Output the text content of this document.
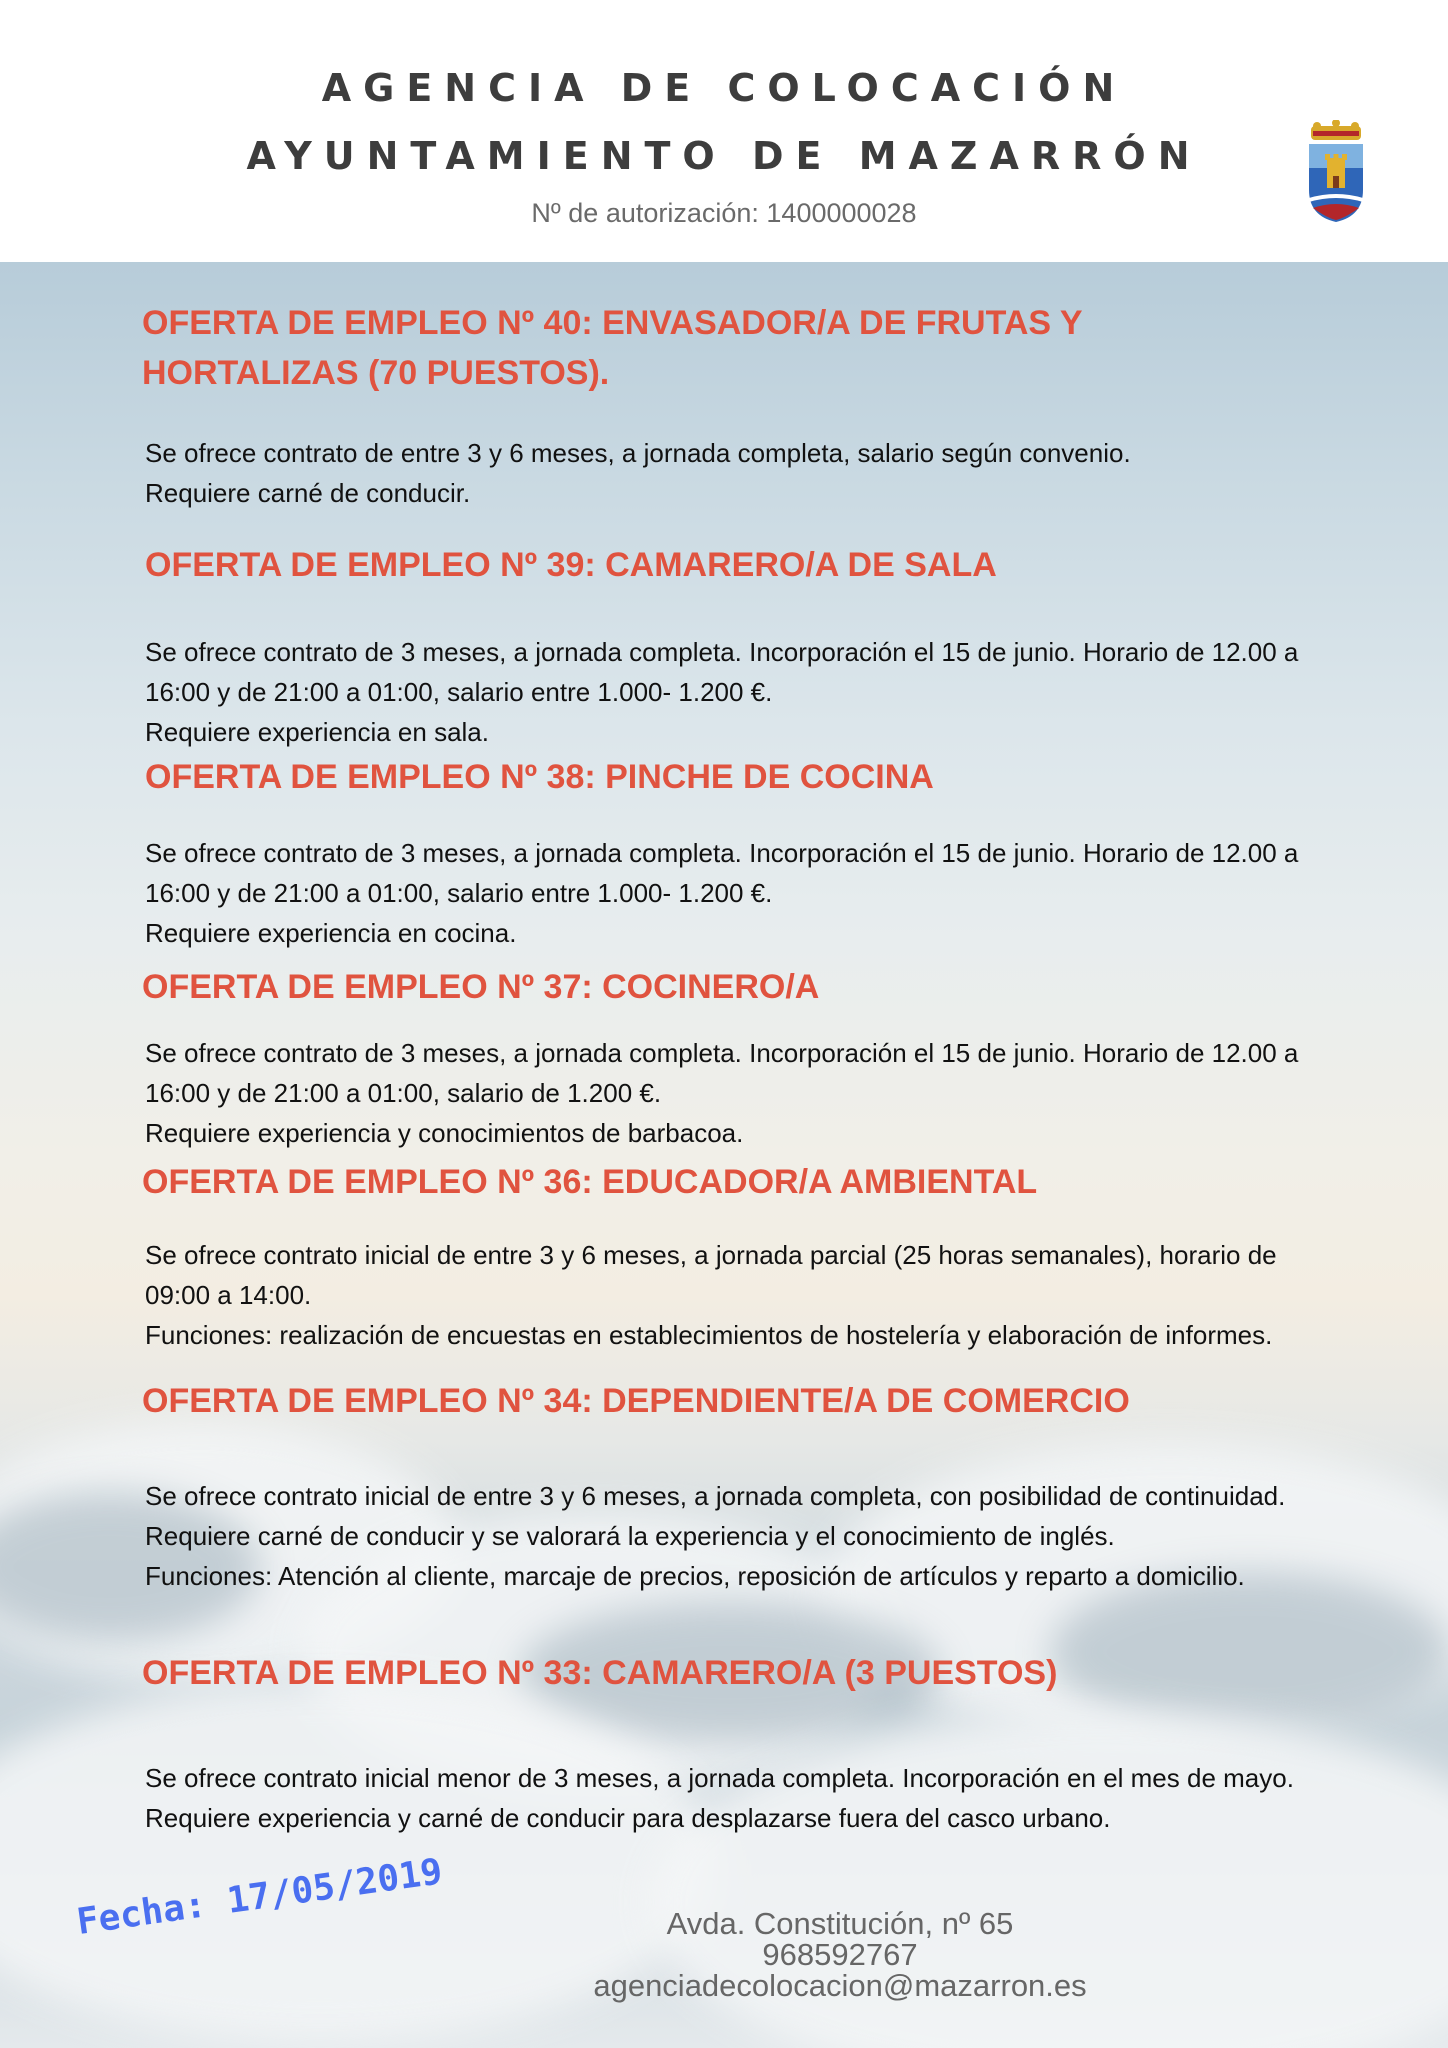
AGENCIA DE COLOCACIÓN
AYUNTAMIENTO DE MAZARRÓN
Nº de autorización: 1400000028
OFERTA DE EMPLEO Nº 40: ENVASADOR/A DE FRUTAS Y HORTALIZAS (70 PUESTOS).

Se ofrece contrato de entre 3 y 6 meses, a jornada completa, salario según convenio.

Requiere carné de conducir.

OFERTA DE EMPLEO Nº 39: CAMARERO/A DE SALA

Se ofrece contrato de 3 meses, a jornada completa. Incorporación el 15 de junio. Horario de 12.00 a 16:00 y de 21:00 a 01:00, salario entre 1.000- 1.200 €.

Requiere experiencia en sala.

OFERTA DE EMPLEO Nº 38: PINCHE DE COCINA

Se ofrece contrato de 3 meses, a jornada completa. Incorporación el 15 de junio. Horario de 12.00 a 16:00 y de 21:00 a 01:00, salario entre 1.000- 1.200 €.

Requiere experiencia en cocina.

OFERTA DE EMPLEO Nº 37: COCINERO/A

Se ofrece contrato de 3 meses, a jornada completa. Incorporación el 15 de junio. Horario de 12.00 a 16:00 y de 21:00 a 01:00, salario de 1.200 €.

Requiere experiencia y conocimientos de barbacoa.

OFERTA DE EMPLEO Nº 36: EDUCADOR/A AMBIENTAL

Se ofrece contrato inicial de entre 3 y 6 meses, a jornada parcial (25 horas semanales), horario de 09:00 a 14:00.

Funciones: realización de encuestas en establecimientos de hostelería y elaboración de informes.

OFERTA DE EMPLEO Nº 34: DEPENDIENTE/A DE COMERCIO

Se ofrece contrato inicial de entre 3 y 6 meses, a jornada completa, con posibilidad de continuidad.

Requiere carné de conducir y se valorará la experiencia y el conocimiento de inglés.

Funciones: Atención al cliente, marcaje de precios, reposición de artículos y reparto a domicilio.

OFERTA DE EMPLEO Nº 33: CAMARERO/A (3 PUESTOS)

Se ofrece contrato inicial menor de 3 meses, a jornada completa. Incorporación en el mes de mayo.

Requiere experiencia y carné de conducir para desplazarse fuera del casco urbano.

Avda. Constitución, nº 65
968592767
agenciadecolocacion@mazarron.es
Fecha: 17/05/2019
